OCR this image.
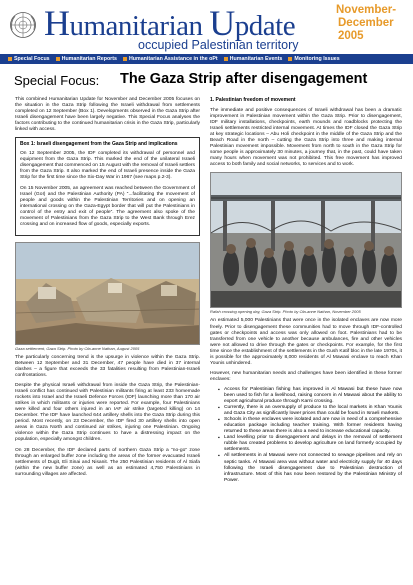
Humanitarian Update
occupied Palestinian territory
November-
December 2005
Special Focus Humanitarian Reports Humanitarian Assistance in the oPt Humanitarian Events Monitoring Issues
Special Focus: The Gaza Strip after disengagement

This combined Humanitarian Update for November and December 2005 focuses on the situation in the Gaza Strip following the Israeli withdrawal from settlements completed on 12 September (Box 1). Developments observed in the Gaza Strip after Israeli disengagement have been largely negative. This Special Focus analyses the factors contributing to the continued humanitarian crisis in the Gaza Strip, particularly linked with access.

Box 1: Israeli disengagement from the Gaza Strip and implications

On 12 September 2005, the IDF completed its withdrawal of personnel and equipment from the Gaza Strip. This marked the end of the unilateral Israeli disengagement that commenced on 15 August with the removal of Israeli settlers from the Gaza Strip. It also marked the end of Israeli presence inside the Gaza Strip for the first time since the Six-Day War in 1967 (see maps p.2-3).

On 15 November 2005, an agreement was reached between the Government of Israel (GoI) and the Palestinian Authority (PA) “...facilitating the movement of people and goods within the Palestinian Territories and on opening an international crossing on the Gaza-Egypt border that will put the Palestinians in control of the entry and exit of people”. The agreement also spoke of the movement of Palestinians from the Gaza Strip to the West Bank through Erez crossing and on increased flow of goods, especially exports.

Gaza settlement, Gaza Strip. Photo by Ola-anne Nathan, August 2005

The particularly concerning trend is the upsurge in violence within the Gaza Strip. Between 12 September and 31 December, 47 people have died in 37 internal clashes – a figure that exceeds the 33 fatalities resulting from Palestinian-Israeli confrontations.

Despite the physical Israeli withdrawal from inside the Gaza Strip, the Palestinian-Israeli conflict has continued with Palestinian militants firing at least 233 homemade rockets into Israel and the Israeli Defence Forces (IDF) launching more than 170 air strikes in which militants or injuries were reported. For example, four Palestinians were killed and four others injured in an IAF air strike (targeted killing) on 14 December. The IDF have launched 644 artillery shells into the Gaza Strip during this period. Most recently, on 23 December, the IDF fired 30 artillery shells into open areas in Gaza North and continued air strikes, injuring one Palestinian. Ongoing violence within the Gaza Strip continues to have a distressing impact on the population, especially amongst children.

On 28 December, the IDF declared parts of northern Gaza Strip a “no-go” zone through an enlarged buffer zone including the areas of the former evacuated Israeli settlements of Dugit, Eli Sinai and Nisanit. The 250 Palestinian residents of Al Siafa (within the new buffer zone) as well as an estimated 4,750 Palestinians in surrounding villages are affected.

1. Palestinian freedom of movement

The immediate and positive consequences of Israeli withdrawal has been a dramatic improvement in Palestinian movement within the Gaza Strip. Prior to disengagement, IDF military installations, checkpoints, earth mounds and roadblocks protecting the Israeli settlements restricted internal movement. At times the IDF closed the Gaza Strip at key strategic locations – Abu Holi checkpoint in the middle of the Gaza Strip and the Beach Road in the north – cutting the Gaza Strip into three and making internal Palestinian movement impossible. Movement from north to south in the Gaza Strip for some people is approximately 30 minutes, a journey that, in the past, could have taken many hours when movement was not prohibited. This free movement has improved access to both family and social networks, to services and to work.

Rafah crossing opening day, Gaza Strip. Photo by Ola-anne Nathan, November 2005

An estimated 5,000 Palestinians that were once in the isolated enclaves are now more freely. Prior to disengagement these communities had to move through IDF-controlled gates or checkpoints and access was only allowed on foot. Palestinians had to be transferred from one vehicle to another because ambulances, fire and other vehicles were not allowed to drive through the gates or checkpoints. For example, for the first time since the establishment of the settlements in the Gush Katif bloc in the late 1970s, it is possible for the approximately 8,000 residents of Al Mawasi enclave to reach Khan Younis unhindered.

However, new humanitarian needs and challenges have been identified in these former enclaves:

▪ Access for Palestinian fishing has improved in Al Mawasi but these have now been used to fish for a livelihood, raising concern in Al Mawasi about the ability to export agricultural produce through Karni crossing.
▪ Currently, there is an oversupply of produce to the local markets in Khan Younis and Gaza City as significantly lower prices than could be found in Israeli markets.
▪ Schools in these enclaves were isolated and are now in need of a comprehensive education package including teacher training. With former residents having returned to these areas there is also a need to increase educational capacity.
▪ Land levelling prior to disengagement and delays in the removal of settlement rubble has created problems to develop agriculture on land formerly occupied by settlements.
▪ All settlements in al Mawasi were not connected to sewage pipelines and rely on septic tanks. Al Mawasi area was without water and electricity supply for 40 days following the Israeli disengagement due to Palestinian destruction of infrastructure. Most of this has now been restored by the Palestinian Ministry of Power.
